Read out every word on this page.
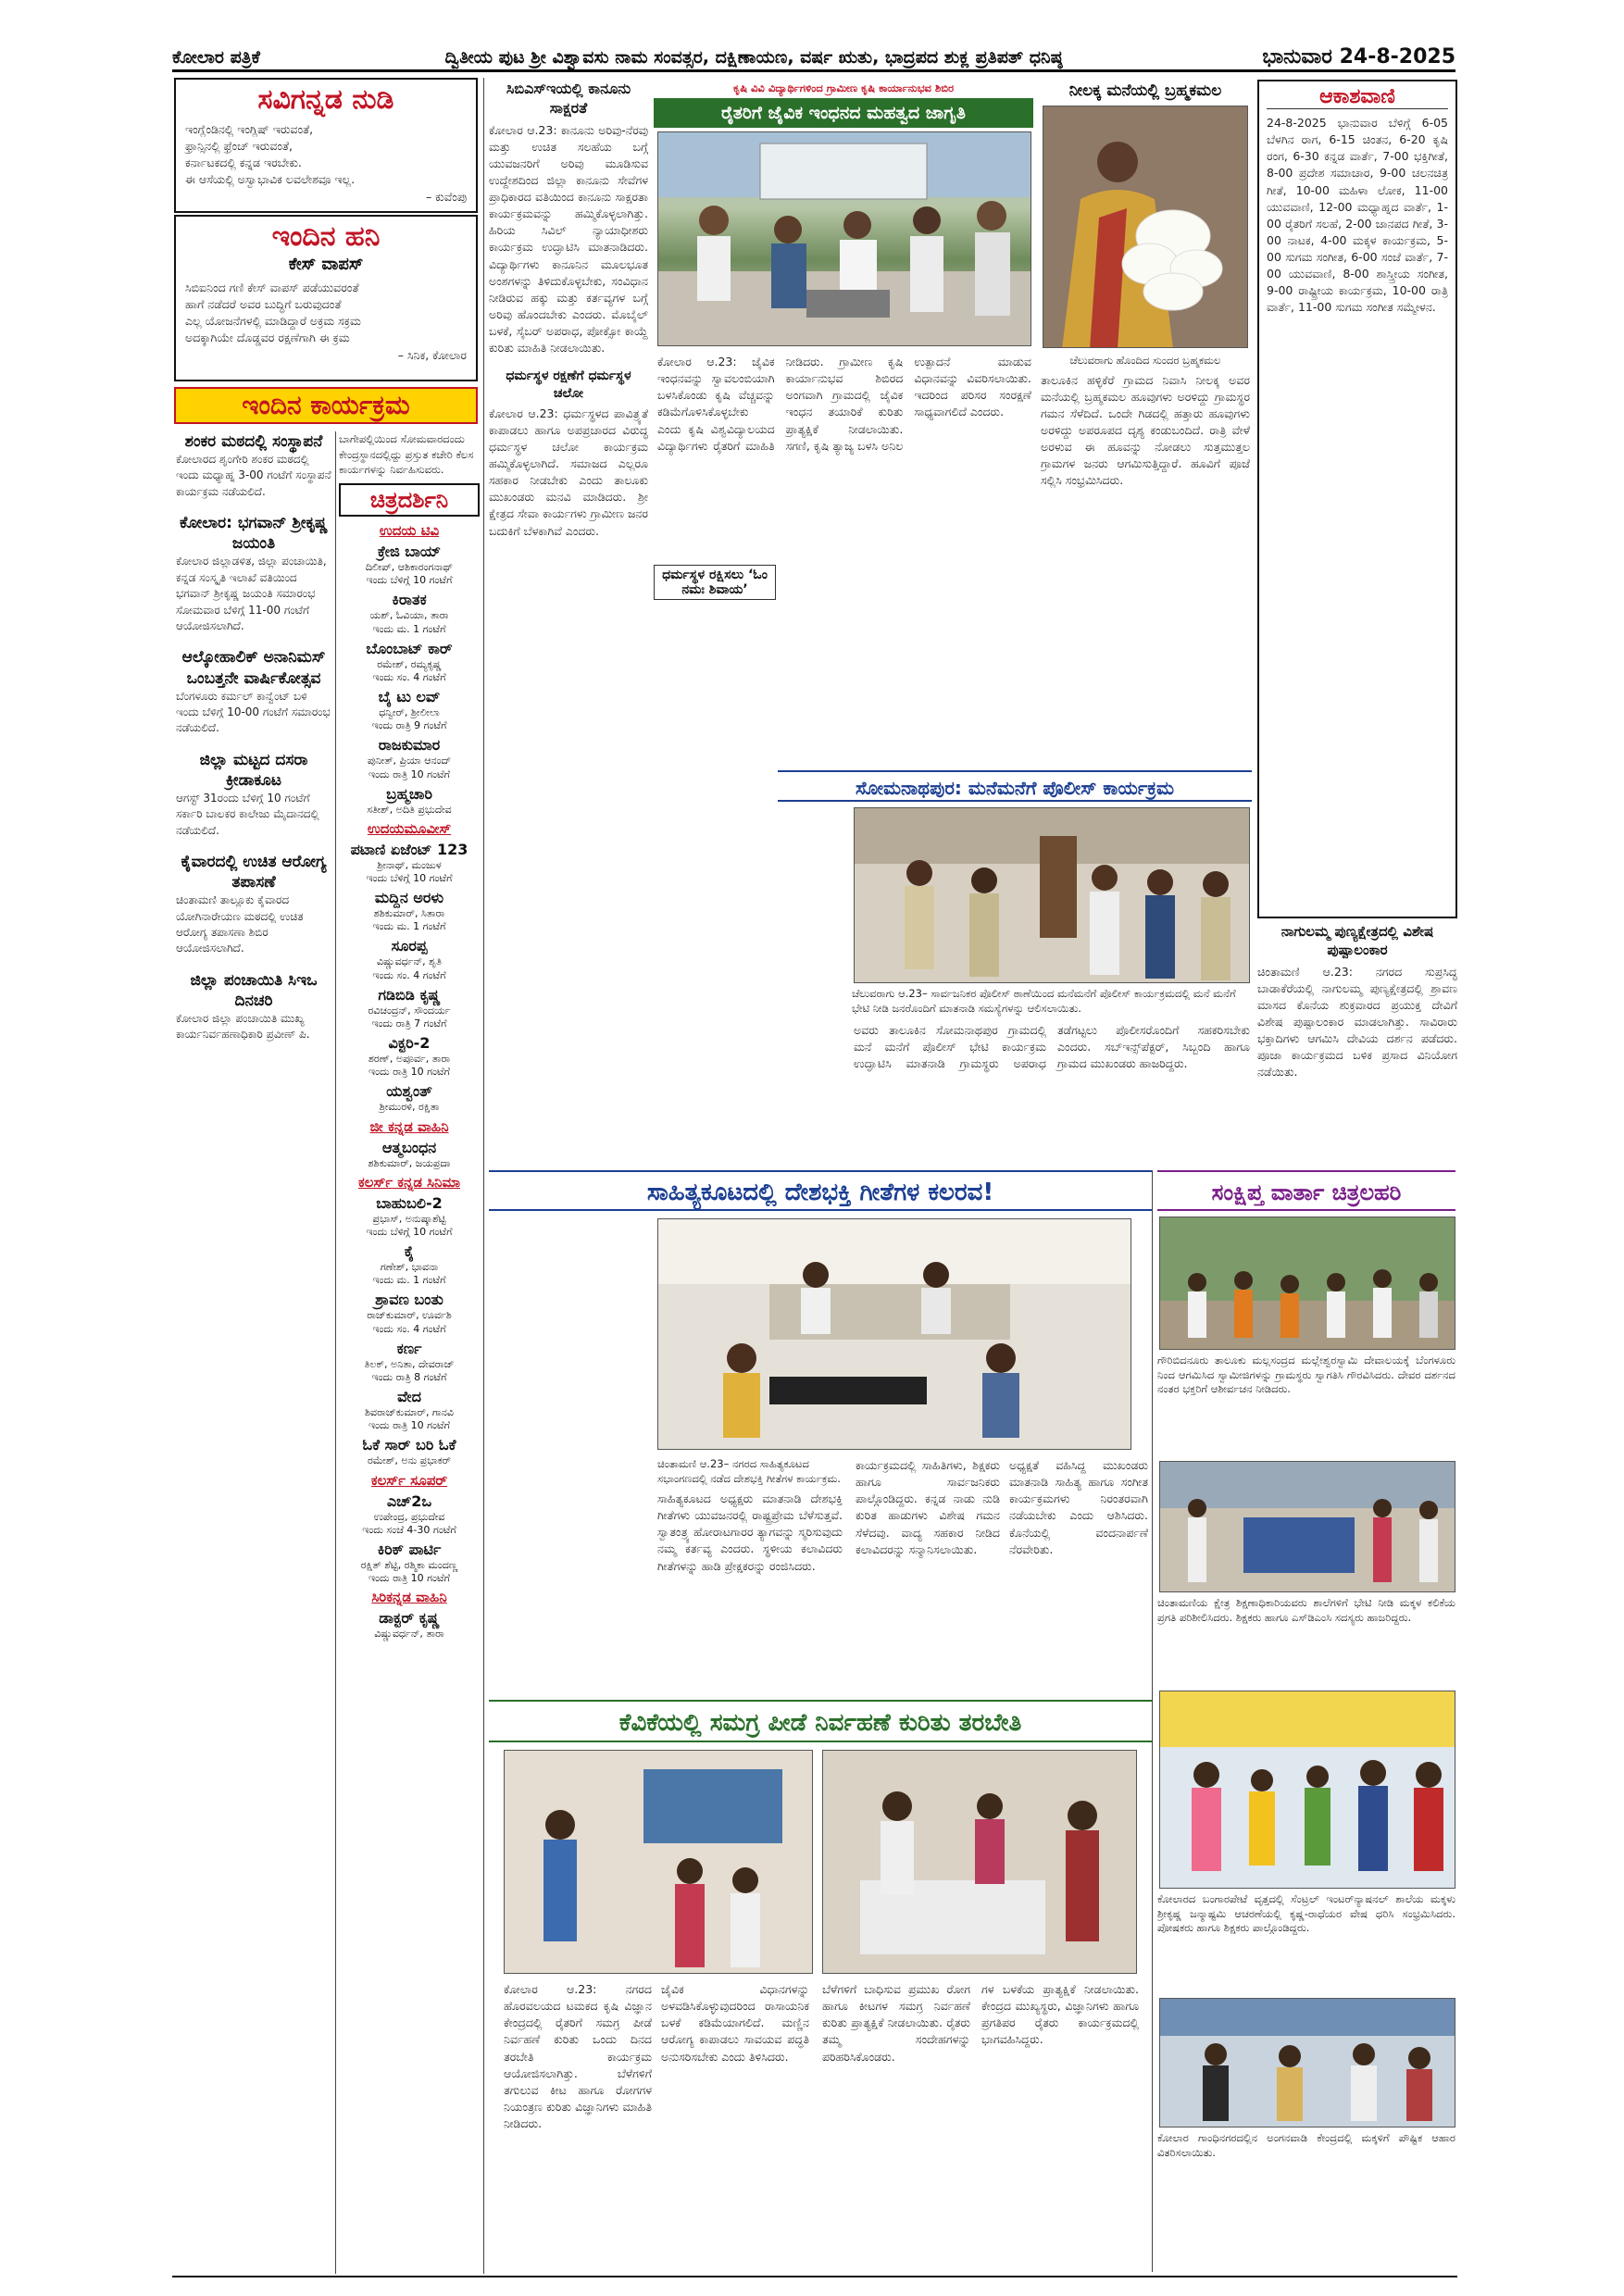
ಕೋಲಾರ ಪತ್ರಿಕೆ	ದ್ವಿತೀಯ ಪುಟ ಶ್ರೀ ವಿಶ್ವಾವಸು ನಾಮ ಸಂವತ್ಸರ, ದಕ್ಷಿಣಾಯಣ, ವರ್ಷ ಋತು, ಭಾದ್ರಪದ ಶುಕ್ಲ ಪ್ರತಿಪತ್ ಧನಿಷ್ಠ	ಭಾನುವಾರ 24-8-2025
ಸವಿಗನ್ನಡ ನುಡಿ
ಇಂಗ್ಲೆಂಡಿನಲ್ಲಿ ಇಂಗ್ಲಿಷ್ ಇರುವಂತೆ,
ಫ್ರಾನ್ಸಿನಲ್ಲಿ ಫ್ರೆಂಚ್ ಇರುವಂತೆ,
ಕರ್ನಾಟಕದಲ್ಲಿ ಕನ್ನಡ ಇರಬೇಕು.
ಈ ಆಸೆಯಲ್ಲಿ ಅಸ್ವಾಭಾವಿಕ ಲವಲೇಶವೂ ಇಲ್ಲ.
– ಕುವೆಂಪು
ಇಂದಿನ ಹನಿ
ಕೇಸ್ ವಾಪಸ್
ಸಿಬಿಐನಿಂದ ಗಣಿ ಕೇಸ್ ವಾಪಸ್ ಪಡೆಯುವರಂತೆ
ಹಾಗೆ ನಡೆದರೆ ಅವರ ಬುದ್ಧಿಗೆ ಬರುವುದಂತೆ
ಎಲ್ಲ ಯೋಜನೆಗಳಲ್ಲಿ ಮಾಡಿದ್ದಾರೆ ಅಕ್ರಮ ಸಕ್ರಮ
ಅದಕ್ಕಾಗಿಯೇ ದೊಡ್ಡವರ ರಕ್ಷಣೆಗಾಗಿ ಈ ಕ್ರಮ
– ಸಿನಿಕ, ಕೋಲಾರ
ಇಂದಿನ ಕಾರ್ಯಕ್ರಮ
ಶಂಕರ ಮಠದಲ್ಲಿ ಸಂಸ್ಥಾಪನೆ
ಕೋಲಾರದ ಶೃಂಗೇರಿ ಶಂಕರ ಮಠದಲ್ಲಿ ಇಂದು ಮಧ್ಯಾಹ್ನ 3-00 ಗಂಟೆಗೆ ಸಂಸ್ಥಾಪನೆ ಕಾರ್ಯಕ್ರಮ ನಡೆಯಲಿದೆ.
ಕೋಲಾರ: ಭಗವಾನ್ ಶ್ರೀಕೃಷ್ಣ ಜಯಂತಿ
ಕೋಲಾರ ಜಿಲ್ಲಾಡಳಿತ, ಜಿಲ್ಲಾ ಪಂಚಾಯಿತಿ, ಕನ್ನಡ ಸಂಸ್ಕೃತಿ ಇಲಾಖೆ ವತಿಯಿಂದ ಭಗವಾನ್ ಶ್ರೀಕೃಷ್ಣ ಜಯಂತಿ ಸಮಾರಂಭ ಸೋಮವಾರ ಬೆಳಿಗ್ಗೆ 11-00 ಗಂಟೆಗೆ ಆಯೋಜಿಸಲಾಗಿದೆ.
ಆಲ್ಕೋಹಾಲಿಕ್ ಅನಾನಿಮಸ್ ಒಂಬತ್ತನೇ ವಾರ್ಷಿಕೋತ್ಸವ
ಬೆಂಗಳೂರು ಕರ್ಮಲ್ ಕಾನ್ವೆಂಟ್ ಬಳಿ ಇಂದು ಬೆಳಿಗ್ಗೆ 10-00 ಗಂಟೆಗೆ ಸಮಾರಂಭ ನಡೆಯಲಿದೆ.
ಜಿಲ್ಲಾ ಮಟ್ಟದ ದಸರಾ ಕ್ರೀಡಾಕೂಟ
ಆಗಸ್ಟ್ 31ರಂದು ಬೆಳಿಗ್ಗೆ 10 ಗಂಟೆಗೆ ಸರ್ಕಾರಿ ಬಾಲಕರ ಕಾಲೇಜು ಮೈದಾನದಲ್ಲಿ ನಡೆಯಲಿದೆ.
ಕೈವಾರದಲ್ಲಿ ಉಚಿತ ಆರೋಗ್ಯ ತಪಾಸಣೆ
ಚಿಂತಾಮಣಿ ತಾಲ್ಲೂಕು ಕೈವಾರದ ಯೋಗಿನಾರೇಯಣ ಮಠದಲ್ಲಿ ಉಚಿತ ಆರೋಗ್ಯ ತಪಾಸಣಾ ಶಿಬಿರ ಆಯೋಜಿಸಲಾಗಿದೆ.
ಜಿಲ್ಲಾ ಪಂಚಾಯಿತಿ ಸಿಇಒ ದಿನಚರಿ
ಕೋಲಾರ ಜಿಲ್ಲಾ ಪಂಚಾಯಿತಿ ಮುಖ್ಯ ಕಾರ್ಯನಿರ್ವಹಣಾಧಿಕಾರಿ ಪ್ರವೀಣ್ ಪಿ.
ಬಾಗೇಪಲ್ಲಿಯಿಂದ ಸೋಮವಾರದಂದು ಕೇಂದ್ರಸ್ಥಾನದಲ್ಲಿದ್ದು ಪ್ರಸ್ತುತ ಕಚೇರಿ ಕೆಲಸ ಕಾರ್ಯಗಳನ್ನು ನಿರ್ವಹಿಸುವರು.
ಚಿತ್ರದರ್ಶಿನಿ
ಉದಯ ಟಿವಿ
ಕ್ರೇಜಿ ಬಾಯ್
ದಿಲೀಪ್, ಆಶಿಕಾರಂಗನಾಥ್
ಇಂದು ಬೆಳಿಗ್ಗೆ 10 ಗಂಟೆಗೆ
ಕಿರಾತಕ
ಯಶ್, ಓವಿಯಾ, ತಾರಾ
ಇಂದು ಮ. 1 ಗಂಟೆಗೆ
ಬೊಂಬಾಟ್ ಕಾರ್
ರಮೇಶ್, ರಮ್ಯಕೃಷ್ಣ
ಇಂದು ಸಂ. 4 ಗಂಟೆಗೆ
ಬೈ ಟು ಲವ್
ಧನ್ವೀರ್, ಶ್ರೀಲೀಲಾ
ಇಂದು ರಾತ್ರಿ 9 ಗಂಟೆಗೆ
ರಾಜಕುಮಾರ
ಪುನೀತ್, ಪ್ರಿಯಾ ಆನಂದ್
ಇಂದು ರಾತ್ರಿ 10 ಗಂಟೆಗೆ
ಬ್ರಹ್ಮಚಾರಿ
ಸತೀಶ್, ಅದಿತಿ ಪ್ರಭುದೇವ
ಉದಯಮೂವೀಸ್
ಪಟಾಣಿ ಏಜೆಂಟ್ 123
ಶ್ರೀನಾಥ್, ಮಂಜುಳ
ಇಂದು ಬೆಳಿಗ್ಗೆ 10 ಗಂಟೆಗೆ
ಮದ್ದಿನ ಅರಳು
ಶಶಿಕುಮಾರ್, ಸಿತಾರಾ
ಇಂದು ಮ. 1 ಗಂಟೆಗೆ
ಸೂರಪ್ಪ
ವಿಷ್ಣುವರ್ಧನ್, ಶೃತಿ
ಇಂದು ಸಂ. 4 ಗಂಟೆಗೆ
ಗಡಿಬಿಡಿ ಕೃಷ್ಣ
ರವಿಚಂದ್ರನ್, ಸೌಂದರ್ಯ
ಇಂದು ರಾತ್ರಿ 7 ಗಂಟೆಗೆ
ವಿಕ್ಟರಿ-2
ಶರಣ್, ಅಪೂರ್ವ, ತಾರಾ
ಇಂದು ರಾತ್ರಿ 10 ಗಂಟೆಗೆ
ಯಶ್ವಂತ್
ಶ್ರೀಮುರಳಿ, ರಕ್ಷಿತಾ
ಜೀ ಕನ್ನಡ ವಾಹಿನಿ
ಆತ್ಮಬಂಧನ
ಶಶಿಕುಮಾರ್, ಜಯಪ್ರದಾ
ಕಲರ್ಸ್ ಕನ್ನಡ ಸಿನಿಮಾ
ಬಾಹುಬಲಿ-2
ಪ್ರಭಾಸ್, ಅನುಷ್ಕಾಶೆಟ್ಟಿ
ಇಂದು ಬೆಳಿಗ್ಗೆ 10 ಗಂಟೆಗೆ
ಕೈ
ಗಣೇಶ್, ಭಾವನಾ
ಇಂದು ಮ. 1 ಗಂಟೆಗೆ
ಶ್ರಾವಣ ಬಂತು
ರಾಜ್‌ಕುಮಾರ್, ಊರ್ವಶಿ
ಇಂದು ಸಂ. 4 ಗಂಟೆಗೆ
ಕರ್ಣ
ತಿಲಕ್, ಅನಿತಾ, ದೇವರಾಜ್
ಇಂದು ರಾತ್ರಿ 8 ಗಂಟೆಗೆ
ವೇದ
ಶಿವರಾಜ್‌ಕುಮಾರ್, ಗಾನವಿ
ಇಂದು ರಾತ್ರಿ 10 ಗಂಟೆಗೆ
ಓಕೆ ಸಾರ್ ಬರಿ ಓಕೆ
ರಮೇಶ್, ಅನು ಪ್ರಭಾಕರ್
ಕಲರ್ಸ್ ಸೂಪರ್
ಎಚ್2ಒ
ಉಪೇಂದ್ರ, ಪ್ರಭುದೇವ
ಇಂದು ಸಂಜೆ 4-30 ಗಂಟೆಗೆ
ಕಿರಿಕ್ ಪಾರ್ಟಿ
ರಕ್ಷಿತ್ ಶೆಟ್ಟಿ, ರಶ್ಮಿಕಾ ಮಂದಣ್ಣ
ಇಂದು ರಾತ್ರಿ 10 ಗಂಟೆಗೆ
ಸಿರಿಕನ್ನಡ ವಾಹಿನಿ
ಡಾಕ್ಟರ್ ಕೃಷ್ಣ
ವಿಷ್ಣುವರ್ಧನ್, ತಾರಾ
ಸಿಬಿಎಸ್ಇಯಲ್ಲಿ ಕಾನೂನು ಸಾಕ್ಷರತೆ
ಕೋಲಾರ ಆ.23: ಕಾನೂನು ಅರಿವು-ನೆರವು ಮತ್ತು ಉಚಿತ ಸಲಹೆಯ ಬಗ್ಗೆ ಯುವಜನರಿಗೆ ಅರಿವು ಮೂಡಿಸುವ ಉದ್ದೇಶದಿಂದ ಜಿಲ್ಲಾ ಕಾನೂನು ಸೇವೆಗಳ ಪ್ರಾಧಿಕಾರದ ವತಿಯಿಂದ ಕಾನೂನು ಸಾಕ್ಷರತಾ ಕಾರ್ಯಕ್ರಮವನ್ನು ಹಮ್ಮಿಕೊಳ್ಳಲಾಗಿತ್ತು. ಹಿರಿಯ ಸಿವಿಲ್ ನ್ಯಾಯಾಧೀಶರು ಕಾರ್ಯಕ್ರಮ ಉದ್ಘಾಟಿಸಿ ಮಾತನಾಡಿದರು. ವಿದ್ಯಾರ್ಥಿಗಳು ಕಾನೂನಿನ ಮೂಲಭೂತ ಅಂಶಗಳನ್ನು ತಿಳಿದುಕೊಳ್ಳಬೇಕು, ಸಂವಿಧಾನ ನೀಡಿರುವ ಹಕ್ಕು ಮತ್ತು ಕರ್ತವ್ಯಗಳ ಬಗ್ಗೆ ಅರಿವು ಹೊಂದಬೇಕು ಎಂದರು. ಮೊಬೈಲ್ ಬಳಕೆ, ಸೈಬರ್ ಅಪರಾಧ, ಪೋಕ್ಸೋ ಕಾಯ್ದೆ ಕುರಿತು ಮಾಹಿತಿ ನೀಡಲಾಯಿತು.
ಧರ್ಮಸ್ಥಳ ರಕ್ಷಣೆಗೆ ಧರ್ಮಸ್ಥಳ ಚಲೋ
ಕೋಲಾರ ಆ.23: ಧರ್ಮಸ್ಥಳದ ಪಾವಿತ್ರ್ಯತೆ ಕಾಪಾಡಲು ಹಾಗೂ ಅಪಪ್ರಚಾರದ ವಿರುದ್ಧ ಧರ್ಮಸ್ಥಳ ಚಲೋ ಕಾರ್ಯಕ್ರಮ ಹಮ್ಮಿಕೊಳ್ಳಲಾಗಿದೆ. ಸಮಾಜದ ಎಲ್ಲರೂ ಸಹಕಾರ ನೀಡಬೇಕು ಎಂದು ತಾಲೂಕು ಮುಖಂಡರು ಮನವಿ ಮಾಡಿದರು. ಶ್ರೀ ಕ್ಷೇತ್ರದ ಸೇವಾ ಕಾರ್ಯಗಳು ಗ್ರಾಮೀಣ ಜನರ ಬದುಕಿಗೆ ಬೆಳಕಾಗಿವೆ ಎಂದರು.
ಕೃಷಿ ವಿವಿ ವಿದ್ಯಾರ್ಥಿಗಳಿಂದ ಗ್ರಾಮೀಣ ಕೃಷಿ ಕಾರ್ಯಾನುಭವ ಶಿಬಿರ
ರೈತರಿಗೆ ಜೈವಿಕ ಇಂಧನದ ಮಹತ್ವದ ಜಾಗೃತಿ
ಕೋಲಾರ ಆ.23: ಜೈವಿಕ ಇಂಧನವನ್ನು ಸ್ವಾವಲಂಬಿಯಾಗಿ ಬಳಸಿಕೊಂಡು ಕೃಷಿ ವೆಚ್ಚವನ್ನು ಕಡಿಮೆಗೊಳಿಸಿಕೊಳ್ಳಬೇಕು ಎಂದು ಕೃಷಿ ವಿಶ್ವವಿದ್ಯಾಲಯದ ವಿದ್ಯಾರ್ಥಿಗಳು ರೈತರಿಗೆ ಮಾಹಿತಿ ನೀಡಿದರು. ಗ್ರಾಮೀಣ ಕೃಷಿ ಕಾರ್ಯಾನುಭವ ಶಿಬಿರದ ಅಂಗವಾಗಿ ಗ್ರಾಮದಲ್ಲಿ ಜೈವಿಕ ಇಂಧನ ತಯಾರಿಕೆ ಕುರಿತು ಪ್ರಾತ್ಯಕ್ಷಿಕೆ ನೀಡಲಾಯಿತು. ಸಗಣಿ, ಕೃಷಿ ತ್ಯಾಜ್ಯ ಬಳಸಿ ಅನಿಲ ಉತ್ಪಾದನೆ ಮಾಡುವ ವಿಧಾನವನ್ನು ವಿವರಿಸಲಾಯಿತು. ಇದರಿಂದ ಪರಿಸರ ಸಂರಕ್ಷಣೆ ಸಾಧ್ಯವಾಗಲಿದೆ ಎಂದರು.
ಧರ್ಮಸ್ಥಳ ರಕ್ಷಿಸಲು ‘ಓಂ ನಮಃ ಶಿವಾಯ’
ನೀಲಕ್ಕ ಮನೆಯಲ್ಲಿ ಬ್ರಹ್ಮಕಮಲ
ಚೆಲುವರಾಗು ಹೊಂದಿದ ಸುಂದರ ಬ್ರಹ್ಮಕಮಲ
ತಾಲೂಕಿನ ಹಳ್ಳಿಕೆರೆ ಗ್ರಾಮದ ನಿವಾಸಿ ನೀಲಕ್ಕ ಅವರ ಮನೆಯಲ್ಲಿ ಬ್ರಹ್ಮಕಮಲ ಹೂವುಗಳು ಅರಳಿದ್ದು ಗ್ರಾಮಸ್ಥರ ಗಮನ ಸೆಳೆದಿದೆ. ಒಂದೇ ಗಿಡದಲ್ಲಿ ಹತ್ತಾರು ಹೂವುಗಳು ಅರಳಿದ್ದು ಅಪರೂಪದ ದೃಶ್ಯ ಕಂಡುಬಂದಿದೆ. ರಾತ್ರಿ ವೇಳೆ ಅರಳುವ ಈ ಹೂವನ್ನು ನೋಡಲು ಸುತ್ತಮುತ್ತಲ ಗ್ರಾಮಗಳ ಜನರು ಆಗಮಿಸುತ್ತಿದ್ದಾರೆ. ಹೂವಿಗೆ ಪೂಜೆ ಸಲ್ಲಿಸಿ ಸಂಭ್ರಮಿಸಿದರು.
ಆಕಾಶವಾಣಿ
24-8-2025 ಭಾನುವಾರ ಬೆಳಿಗ್ಗೆ 6-05 ಬೆಳಗಿನ ರಾಗ, 6-15 ಚಿಂತನ, 6-20 ಕೃಷಿ ರಂಗ, 6-30 ಕನ್ನಡ ವಾರ್ತೆ, 7-00 ಭಕ್ತಿಗೀತೆ, 8-00 ಪ್ರದೇಶ ಸಮಾಚಾರ, 9-00 ಚಲನಚಿತ್ರ ಗೀತೆ, 10-00 ಮಹಿಳಾ ಲೋಕ, 11-00 ಯುವವಾಣಿ, 12-00 ಮಧ್ಯಾಹ್ನದ ವಾರ್ತೆ, 1-00 ರೈತರಿಗೆ ಸಲಹೆ, 2-00 ಜಾನಪದ ಗೀತೆ, 3-00 ನಾಟಕ, 4-00 ಮಕ್ಕಳ ಕಾರ್ಯಕ್ರಮ, 5-00 ಸುಗಮ ಸಂಗೀತ, 6-00 ಸಂಜೆ ವಾರ್ತೆ, 7-00 ಯುವವಾಣಿ, 8-00 ಶಾಸ್ತ್ರೀಯ ಸಂಗೀತ, 9-00 ರಾಷ್ಟ್ರೀಯ ಕಾರ್ಯಕ್ರಮ, 10-00 ರಾತ್ರಿ ವಾರ್ತೆ, 11-00 ಸುಗಮ ಸಂಗೀತ ಸಮ್ಮೇಳನ.
ನಾಗುಲಮ್ಮ ಪುಣ್ಯಕ್ಷೇತ್ರದಲ್ಲಿ ವಿಶೇಷ ಪುಷ್ಪಾಲಂಕಾರ
ಚಿಂತಾಮಣಿ ಆ.23: ನಗರದ ಸುಪ್ರಸಿದ್ಧ ಬಾಡಾಕೆರೆಯಲ್ಲಿ ನಾಗುಲಮ್ಮ ಪುಣ್ಯಕ್ಷೇತ್ರದಲ್ಲಿ ಶ್ರಾವಣ ಮಾಸದ ಕೊನೆಯ ಶುಕ್ರವಾರದ ಪ್ರಯುಕ್ತ ದೇವಿಗೆ ವಿಶೇಷ ಪುಷ್ಪಾಲಂಕಾರ ಮಾಡಲಾಗಿತ್ತು. ಸಾವಿರಾರು ಭಕ್ತಾದಿಗಳು ಆಗಮಿಸಿ ದೇವಿಯ ದರ್ಶನ ಪಡೆದರು. ಪೂಜಾ ಕಾರ್ಯಕ್ರಮದ ಬಳಿಕ ಪ್ರಸಾದ ವಿನಿಯೋಗ ನಡೆಯಿತು.
ಸೋಮನಾಥಪುರ: ಮನೆಮನೆಗೆ ಪೊಲೀಸ್ ಕಾರ್ಯಕ್ರಮ
ಚೆಲುವರಾಗು ಆ.23– ಸಾರ್ವಜನಿಕರ ಪೊಲೀಸ್ ಠಾಣೆಯಿಂದ ಮನೆಮನೆಗೆ ಪೊಲೀಸ್ ಕಾರ್ಯಕ್ರಮದಲ್ಲಿ ಮನೆ ಮನೆಗೆ ಭೇಟಿ ನೀಡಿ ಜನರೊಂದಿಗೆ ಮಾತನಾಡಿ ಸಮಸ್ಯೆಗಳನ್ನು ಆಲಿಸಲಾಯಿತು.
ಅವರು ತಾಲೂಕಿನ ಸೋಮನಾಥಪುರ ಗ್ರಾಮದಲ್ಲಿ ಮನೆ ಮನೆಗೆ ಪೊಲೀಸ್ ಭೇಟಿ ಕಾರ್ಯಕ್ರಮ ಉದ್ಘಾಟಿಸಿ ಮಾತನಾಡಿ ಗ್ರಾಮಸ್ಥರು ಅಪರಾಧ ತಡೆಗಟ್ಟಲು ಪೊಲೀಸರೊಂದಿಗೆ ಸಹಕರಿಸಬೇಕು ಎಂದರು. ಸಬ್‌ಇನ್ಸ್‌ಪೆಕ್ಟರ್, ಸಿಬ್ಬಂದಿ ಹಾಗೂ ಗ್ರಾಮದ ಮುಖಂಡರು ಹಾಜರಿದ್ದರು.
ಸಾಹಿತ್ಯಕೂಟದಲ್ಲಿ ದೇಶಭಕ್ತಿ ಗೀತೆಗಳ ಕಲರವ!
ಚಿಂತಾಮಣಿ ಆ.23– ನಗರದ ಸಾಹಿತ್ಯಕೂಟದ ಸಭಾಂಗಣದಲ್ಲಿ ನಡೆದ ದೇಶಭಕ್ತಿ ಗೀತೆಗಳ ಕಾರ್ಯಕ್ರಮ.
ಸಾಹಿತ್ಯಕೂಟದ ಅಧ್ಯಕ್ಷರು ಮಾತನಾಡಿ ದೇಶಭಕ್ತಿ ಗೀತೆಗಳು ಯುವಜನರಲ್ಲಿ ರಾಷ್ಟ್ರಪ್ರೇಮ ಬೆಳೆಸುತ್ತವೆ. ಸ್ವಾತಂತ್ರ್ಯ ಹೋರಾಟಗಾರರ ತ್ಯಾಗವನ್ನು ಸ್ಮರಿಸುವುದು ನಮ್ಮ ಕರ್ತವ್ಯ ಎಂದರು. ಸ್ಥಳೀಯ ಕಲಾವಿದರು ಗೀತೆಗಳನ್ನು ಹಾಡಿ ಪ್ರೇಕ್ಷಕರನ್ನು ರಂಜಿಸಿದರು.
ಕಾರ್ಯಕ್ರಮದಲ್ಲಿ ಸಾಹಿತಿಗಳು, ಶಿಕ್ಷಕರು ಹಾಗೂ ಸಾರ್ವಜನಿಕರು ಪಾಲ್ಗೊಂಡಿದ್ದರು. ಕನ್ನಡ ನಾಡು ನುಡಿ ಕುರಿತ ಹಾಡುಗಳು ವಿಶೇಷ ಗಮನ ಸೆಳೆದವು. ವಾದ್ಯ ಸಹಕಾರ ನೀಡಿದ ಕಲಾವಿದರನ್ನು ಸನ್ಮಾನಿಸಲಾಯಿತು.
ಅಧ್ಯಕ್ಷತೆ ವಹಿಸಿದ್ದ ಮುಖಂಡರು ಮಾತನಾಡಿ ಸಾಹಿತ್ಯ ಹಾಗೂ ಸಂಗೀತ ಕಾರ್ಯಕ್ರಮಗಳು ನಿರಂತರವಾಗಿ ನಡೆಯಬೇಕು ಎಂದು ಆಶಿಸಿದರು. ಕೊನೆಯಲ್ಲಿ ವಂದನಾರ್ಪಣೆ ನೆರವೇರಿತು.
ಸಂಕ್ಷಿಪ್ತ ವಾರ್ತಾ ಚಿತ್ರಲಹರಿ
ಗೌರಿಬಿದನೂರು ತಾಲೂಕು ಮಲ್ಲಸಂದ್ರದ ಮಲ್ಲೇಶ್ವರಸ್ವಾಮಿ ದೇವಾಲಯಕ್ಕೆ ಬೆಂಗಳೂರು ನಿಂದ ಆಗಮಿಸಿದ ಸ್ವಾಮೀಜಿಗಳನ್ನು ಗ್ರಾಮಸ್ಥರು ಸ್ವಾಗತಿಸಿ ಗೌರವಿಸಿದರು. ದೇವರ ದರ್ಶನದ ನಂತರ ಭಕ್ತರಿಗೆ ಆಶೀರ್ವಚನ ನೀಡಿದರು.
ಚಿಂತಾಮಣಿಯ ಕ್ಷೇತ್ರ ಶಿಕ್ಷಣಾಧಿಕಾರಿಯವರು ಶಾಲೆಗಳಿಗೆ ಭೇಟಿ ನೀಡಿ ಮಕ್ಕಳ ಕಲಿಕೆಯ ಪ್ರಗತಿ ಪರಿಶೀಲಿಸಿದರು. ಶಿಕ್ಷಕರು ಹಾಗೂ ಎಸ್‌ಡಿಎಂಸಿ ಸದಸ್ಯರು ಹಾಜರಿದ್ದರು.
ಕೋಲಾರದ ಬಂಗಾರಪೇಟೆ ವೃತ್ತದಲ್ಲಿ ಸೆಂಟ್ರಲ್ ಇಂಟರ್‌ನ್ಯಾಷನಲ್ ಶಾಲೆಯ ಮಕ್ಕಳು ಶ್ರೀಕೃಷ್ಣ ಜನ್ಮಾಷ್ಟಮಿ ಆಚರಣೆಯಲ್ಲಿ ಕೃಷ್ಣ-ರಾಧೆಯರ ವೇಷ ಧರಿಸಿ ಸಂಭ್ರಮಿಸಿದರು. ಪೋಷಕರು ಹಾಗೂ ಶಿಕ್ಷಕರು ಪಾಲ್ಗೊಂಡಿದ್ದರು.
ಕೋಲಾರ ಗಾಂಧಿನಗರದಲ್ಲಿನ ಅಂಗನವಾಡಿ ಕೇಂದ್ರದಲ್ಲಿ ಮಕ್ಕಳಿಗೆ ಪೌಷ್ಟಿಕ ಆಹಾರ ವಿತರಿಸಲಾಯಿತು.
ಕೆವಿಕೆಯಲ್ಲಿ ಸಮಗ್ರ ಪೀಡೆ ನಿರ್ವಹಣೆ ಕುರಿತು ತರಬೇತಿ
ಕೋಲಾರ ಆ.23: ನಗರದ ಹೊರವಲಯದ ಟಮಕದ ಕೃಷಿ ವಿಜ್ಞಾನ ಕೇಂದ್ರದಲ್ಲಿ ರೈತರಿಗೆ ಸಮಗ್ರ ಪೀಡೆ ನಿರ್ವಹಣೆ ಕುರಿತು ಒಂದು ದಿನದ ತರಬೇತಿ ಕಾರ್ಯಕ್ರಮ ಆಯೋಜಿಸಲಾಗಿತ್ತು. ಬೆಳೆಗಳಿಗೆ ತಗುಲುವ ಕೀಟ ಹಾಗೂ ರೋಗಗಳ ನಿಯಂತ್ರಣ ಕುರಿತು ವಿಜ್ಞಾನಿಗಳು ಮಾಹಿತಿ ನೀಡಿದರು.
ಜೈವಿಕ ವಿಧಾನಗಳನ್ನು ಅಳವಡಿಸಿಕೊಳ್ಳುವುದರಿಂದ ರಾಸಾಯನಿಕ ಬಳಕೆ ಕಡಿಮೆಯಾಗಲಿದೆ. ಮಣ್ಣಿನ ಆರೋಗ್ಯ ಕಾಪಾಡಲು ಸಾವಯವ ಪದ್ಧತಿ ಅನುಸರಿಸಬೇಕು ಎಂದು ತಿಳಿಸಿದರು.
ಬೆಳೆಗಳಿಗೆ ಬಾಧಿಸುವ ಪ್ರಮುಖ ರೋಗ ಹಾಗೂ ಕೀಟಗಳ ಸಮಗ್ರ ನಿರ್ವಹಣೆ ಕುರಿತು ಪ್ರಾತ್ಯಕ್ಷಿಕೆ ನೀಡಲಾಯಿತು. ರೈತರು ತಮ್ಮ ಸಂದೇಹಗಳನ್ನು ಪರಿಹರಿಸಿಕೊಂಡರು.
ಗಳ ಬಳಕೆಯ ಪ್ರಾತ್ಯಕ್ಷಿಕೆ ನೀಡಲಾಯಿತು. ಕೇಂದ್ರದ ಮುಖ್ಯಸ್ಥರು, ವಿಜ್ಞಾನಿಗಳು ಹಾಗೂ ಪ್ರಗತಿಪರ ರೈತರು ಕಾರ್ಯಕ್ರಮದಲ್ಲಿ ಭಾಗವಹಿಸಿದ್ದರು.
